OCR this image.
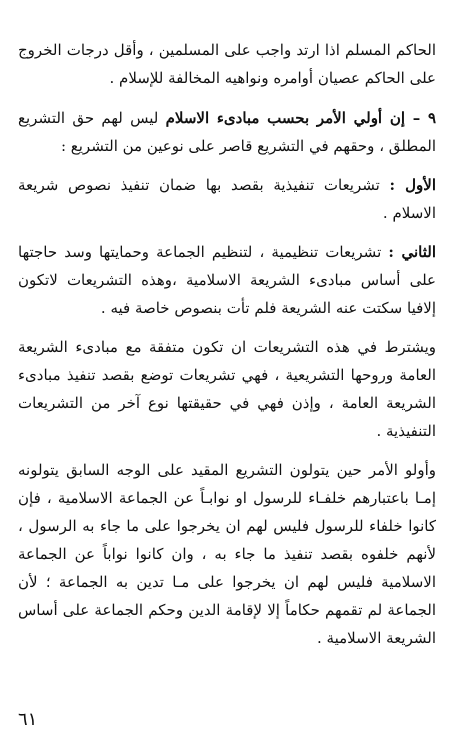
الحاكم المسلم اذا ارتد واجب على المسلمين ، وأقل درجات الخروج على الحاكم عصيان أوامره ونواهيه المخالفة للإسلام .

٩ – إن أولي الأمر بحسب مبادىء الاسلام ليس لهم حق التشريع المطلق ، وحقهم في التشريع قاصر على نوعين من التشريع :

الأول : تشريعات تنفيذية بقصد بها ضمان تنفيذ نصوص شريعة الاسلام .

الثاني : تشريعات تنظيمية ، لتنظيم الجماعة وحمايتها وسد حاجتها على أساس مبادىء الشريعة الاسلامية ،وهذه التشريعات لاتكون إلافيا سكتت عنه الشريعة فلم تأت بنصوص خاصة فيه .

ويشترط في هذه التشريعات ان تكون متفقة مع مبادىء الشريعة العامة وروحها التشريعية ، فهي تشريعات توضع بقصد تنفيذ مبادىء الشريعة العامة ، وإذن فهي في حقيقتها نوع آخر من التشريعات التنفيذية .

وأولو الأمر حين يتولون التشريع المقيد على الوجه السابق يتولونه إمـا باعتبارهم خلفـاء للرسول او نوابـاً عن الجماعة الاسلامية ، فإن كانوا خلفاء للرسول فليس لهم ان يخرجوا على ما جاء به الرسول ، لأنهم خلفوه بقصد تنفيذ ما جاء به ، وان كانوا نواباً عن الجماعة الاسلامية فليس لهم ان يخرجوا على مـا تدين به الجماعة ؛ لأن الجماعة لم تقمهم حكاماً إلا لإقامة الدين وحكم الجماعة على أساس الشريعة الاسلامية .

٦١
